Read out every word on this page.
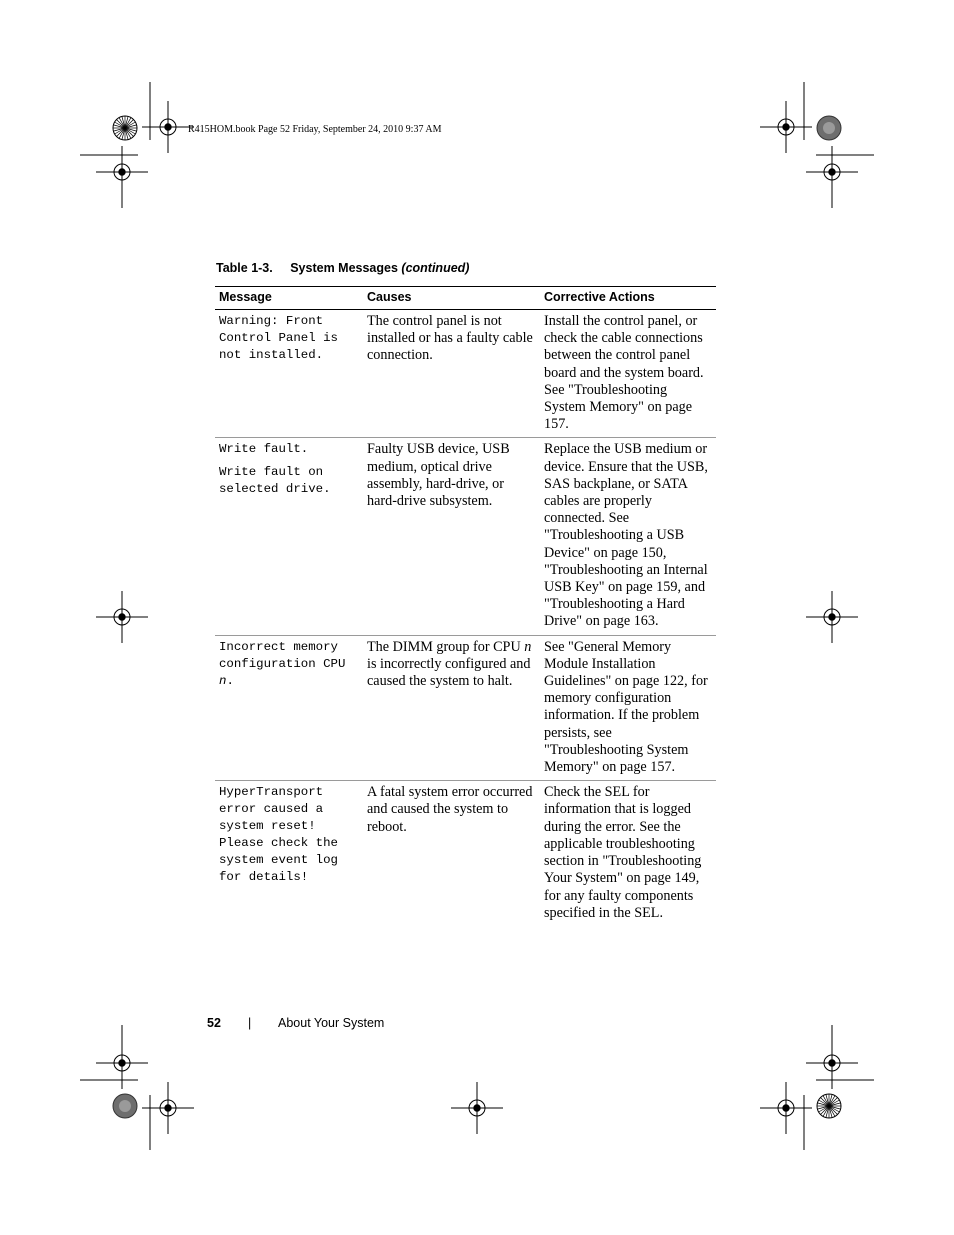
R415HOM.book Page 52 Friday, September 24, 2010 9:37 AM
Table 1-3. System Messages (continued)
Message	Causes	Corrective Actions

Warning: Front Control Panel is not installed.	The control panel is not installed or has a faulty cable connection.	Install the control panel, or check the cable connections between the control panel board and the system board. See "Troubleshooting System Memory" on page 157.

Write fault.
Write fault on selected drive.	Faulty USB device, USB medium, optical drive assembly, hard-drive, or hard-drive subsystem.	Replace the USB medium or device. Ensure that the USB, SAS backplane, or SATA cables are properly connected. See "Troubleshooting a USB Device" on page 150, "Troubleshooting an Internal USB Key" on page 159, and "Troubleshooting a Hard Drive" on page 163.
Incorrect memory configuration CPU n.	The DIMM group for CPU n is incorrectly configured and caused the system to halt.	See "General Memory Module Installation Guidelines" on page 122, for memory configuration information. If the problem persists, see "Troubleshooting System Memory" on page 157.

HyperTransport error caused a system reset! Please check the system event log for details!	A fatal system error occurred and caused the system to reboot.	Check the SEL for information that is logged during the error. See the applicable troubleshooting section in "Troubleshooting Your System" on page 149, for any faulty components specified in the SEL.
52 | About Your System
